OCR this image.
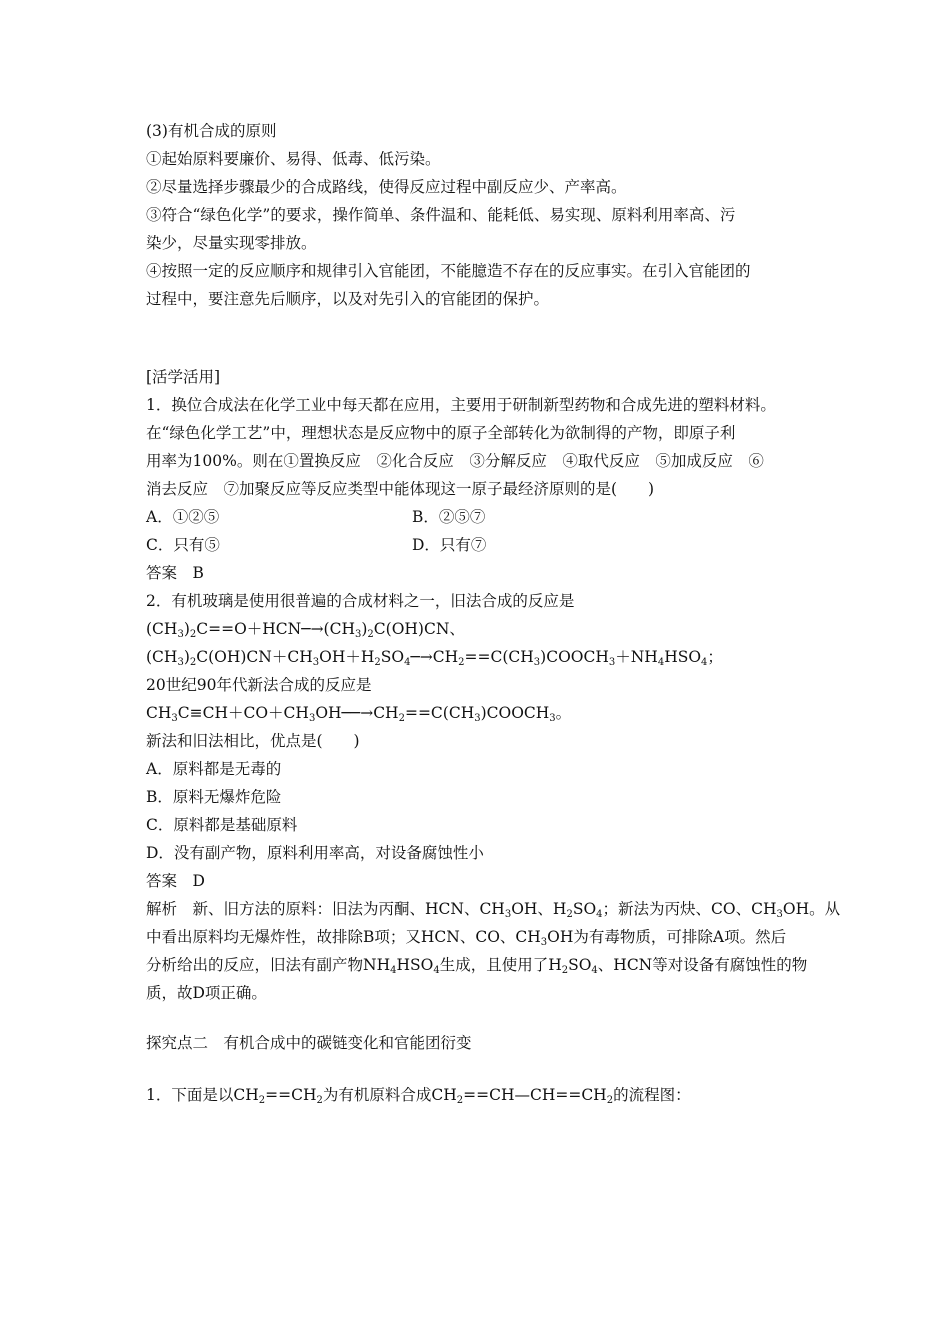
(3)有机合成的原则
①起始原料要廉价、易得、低毒、低污染。
②尽量选择步骤最少的合成路线，使得反应过程中副反应少、产率高。
③符合“绿色化学”的要求，操作简单、条件温和、能耗低、易实现、原料利用率高、污
染少，尽量实现零排放。
④按照一定的反应顺序和规律引入官能团，不能臆造不存在的反应事实。在引入官能团的
过程中，要注意先后顺序，以及对先引入的官能团的保护。
[活学活用]
1．换位合成法在化学工业中每天都在应用，主要用于研制新型药物和合成先进的塑料材料。
在“绿色化学工艺”中，理想状态是反应物中的原子全部转化为欲制得的产物，即原子利
用率为100%。则在①置换反应　②化合反应　③分解反应　④取代反应　⑤加成反应　⑥
消去反应　⑦加聚反应等反应类型中能体现这一原子最经济原则的是(　　)
A．①②⑤	B．②⑤⑦
C．只有⑤	D．只有⑦
答案　B
2．有机玻璃是使用很普遍的合成材料之一，旧法合成的反应是
$(CH_3)_2C==O+HCN─\to(CH_3)_2C(OH)CN$、
$(CH_3)_2C(OH)CN+CH_3OH+H_2SO_4─\to CH_2==C(CH_3)COOCH_3+NH_4HSO_4$；
20世纪90年代新法合成的反应是
$CH_3C\equiv CH+CO+CH_3OH──\to CH_2==C(CH_3)COOCH_3$。
新法和旧法相比，优点是(　　)
A．原料都是无毒的
B．原料无爆炸危险
C．原料都是基础原料
D．没有副产物，原料利用率高，对设备腐蚀性小
答案　D
解析　新、旧方法的原料：旧法为丙酮、HCN、$CH_3OH$、$H_2SO_4$；新法为丙炔、CO、$CH_3OH$。从
中看出原料均无爆炸性，故排除B项；又HCN、CO、$CH_3OH$为有毒物质，可排除A项。然后
分析给出的反应，旧法有副产物$NH_4HSO_4$生成，且使用了$H_2SO_4$、HCN等对设备有腐蚀性的物
质，故D项正确。
探究点二　有机合成中的碳链变化和官能团衍变
1．下面是以$CH_2==CH_2$为有机原料合成$CH_2==CH—CH==CH_2$的流程图：
